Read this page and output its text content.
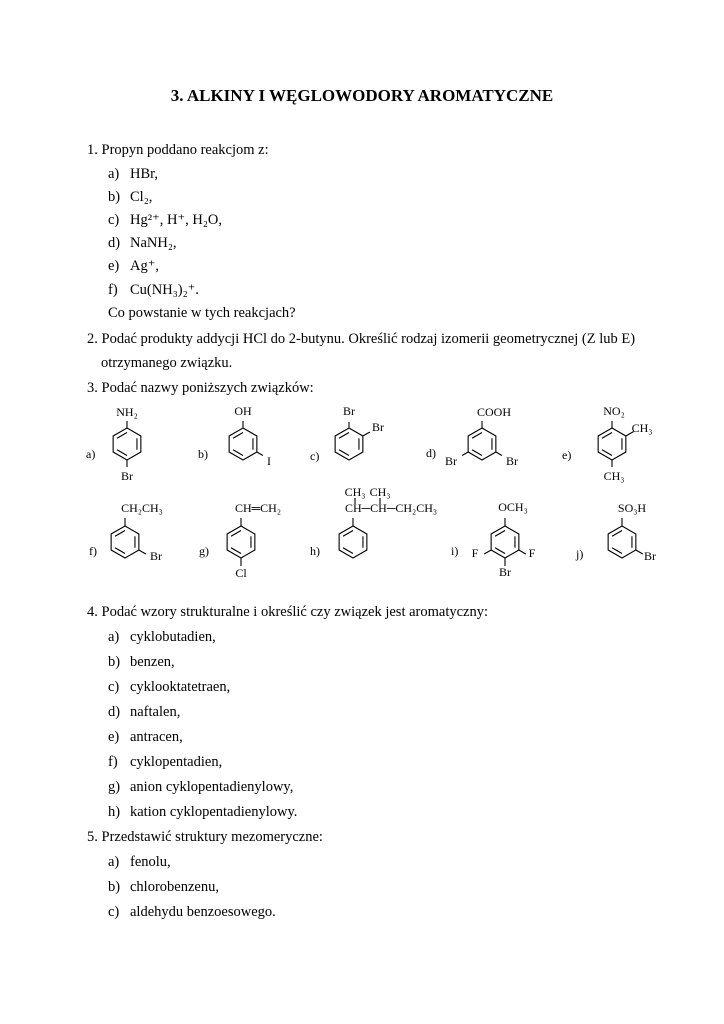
3. ALKINY I WĘGLOWODORY AROMATYCZNE
1. Propyn poddano reakcjom z:
a) HBr,
b) Cl₂,
c) Hg²⁺, H⁺, H₂O,
d) NaNH₂,
e) Ag⁺,
f) Cu(NH₃)₂⁺.
Co powstanie w tych reakcjach?
2. Podać produkty addycji HCl do 2-butynu. Określić rodzaj izomerii geometrycznej (Z lub E)
otrzymanego związku.
3. Podać nazwy poniższych związków:
NH₂
Br
a)
OH
I
b)
Br
Br
c)
COOH
Br	Br
d)
NO₂
CH₃
CH₃
e)
CH₂CH₃
Br
f)
CH═CH₂
Cl
g)
CH₃ CH₃
CH─CH─CH₂CH₃
h)
OCH₃
F	F
Br
i)
SO₃H
Br
j)
4. Podać wzory strukturalne i określić czy związek jest aromatyczny:
a) cyklobutadien,
b) benzen,
c) cyklooktatetraen,
d) naftalen,
e) antracen,
f) cyklopentadien,
g) anion cyklopentadienylowy,
h) kation cyklopentadienylowy.
5. Przedstawić struktury mezomeryczne:
a) fenolu,
b) chlorobenzenu,
c) aldehydu benzoesowego.
